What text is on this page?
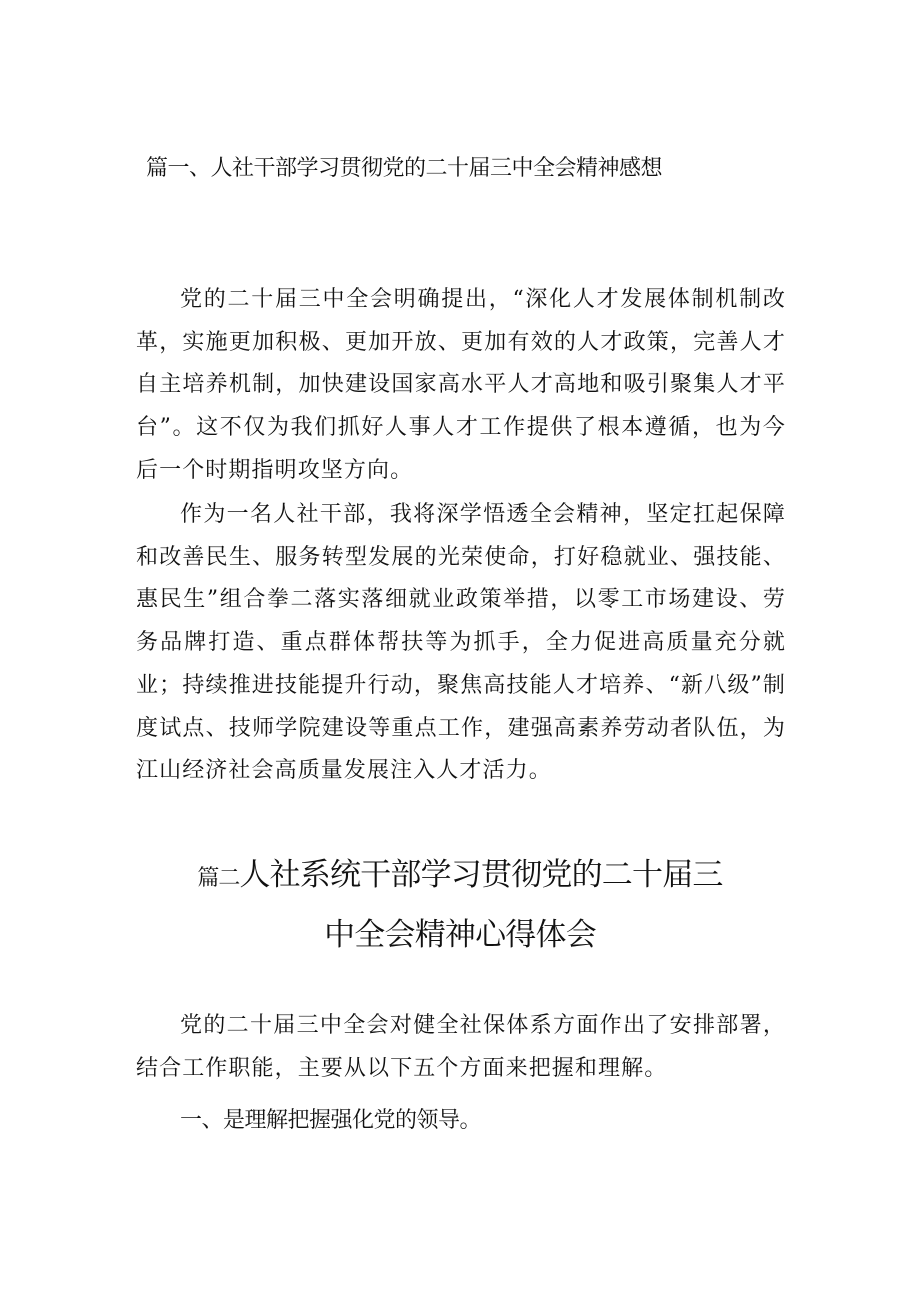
篇一、人社干部学习贯彻党的二十届三中全会精神感想

党的二十届三中全会明确提出，“深化人才发展体制机制改革，实施更加积极、更加开放、更加有效的人才政策，完善人才自主培养机制，加快建设国家高水平人才高地和吸引聚集人才平台”。这不仅为我们抓好人事人才工作提供了根本遵循，也为今后一个时期指明攻坚方向。

作为一名人社干部，我将深学悟透全会精神，坚定扛起保障和改善民生、服务转型发展的光荣使命，打好稳就业、强技能、惠民生”组合拳二落实落细就业政策举措，以零工市场建设、劳务品牌打造、重点群体帮扶等为抓手，全力促进高质量充分就业；持续推进技能提升行动，聚焦高技能人才培养、“新八级”制度试点、技师学院建设等重点工作，建强高素养劳动者队伍，为江山经济社会高质量发展注入人才活力。

篇二人社系统干部学习贯彻党的二十届三
中全会精神心得体会

党的二十届三中全会对健全社保体系方面作出了安排部署，结合工作职能，主要从以下五个方面来把握和理解。

一、是理解把握强化党的领导。
